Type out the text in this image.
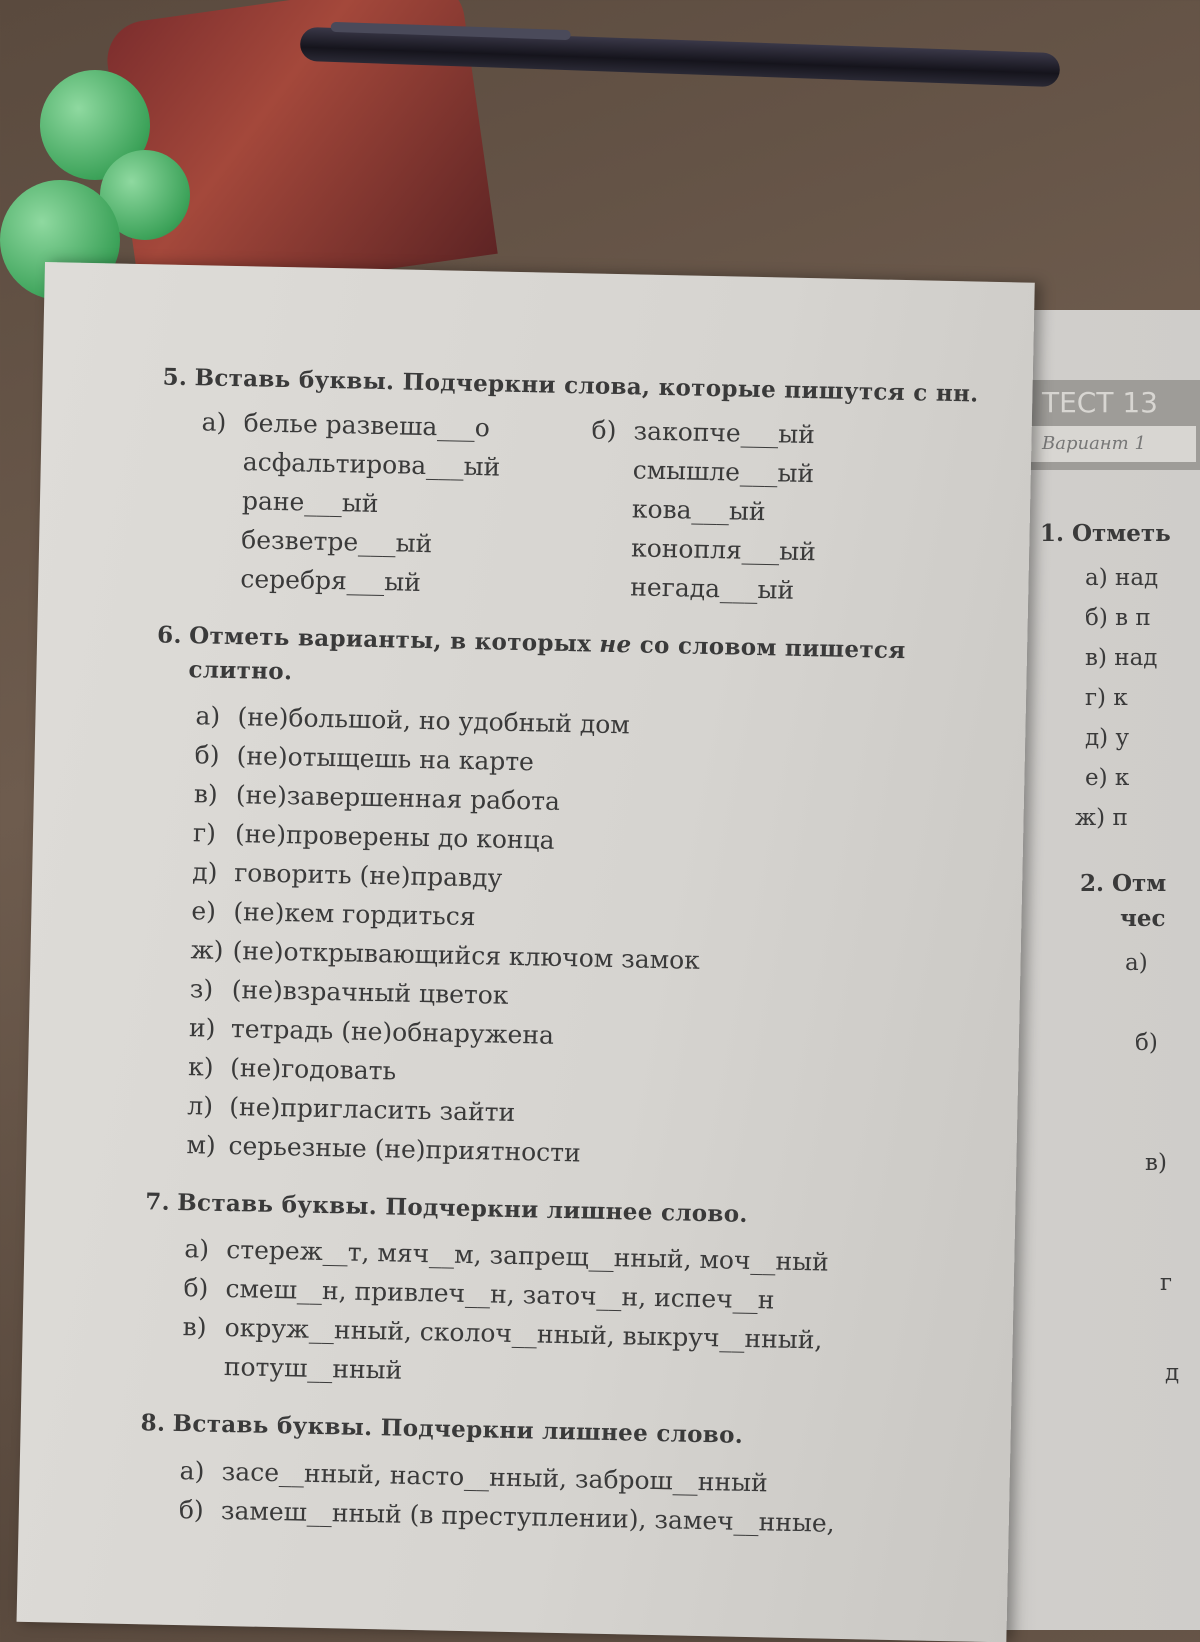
ТЕСТ 13
Вариант 1
1. Отметь
а) над
б) в п
в) над
г) к
д) у
е) к
ж) п
2. Отм
чес
а)
б)
в)
г
д

5. Вставь буквы. Подчеркни слова, которые пишутся с нн.

а) белье развеша___о
асфальтирова___ый
ране___ый
безветре___ый
серебря___ый
б) закопче___ый
смышле___ый
кова___ый
конопля___ый
негада___ый

6. Отметь варианты, в которых не со словом пишется
слитно.

а) (не)большой, но удобный дом
б) (не)отыщешь на карте
в) (не)завершенная работа
г) (не)проверены до конца
д) говорить (не)правду
е) (не)кем гордиться
ж) (не)открывающийся ключом замок
з) (не)взрачный цветок
и) тетрадь (не)обнаружена
к) (не)годовать
л) (не)пригласить зайти
м) серьезные (не)приятности

7. Вставь буквы. Подчеркни лишнее слово.

а) стереж__т, мяч__м, запрещ__нный, моч__ный
б) смеш__н, привлеч__н, заточ__н, испеч__н
в) окруж__нный, сколоч__нный, выкруч__нный,
потуш__нный

8. Вставь буквы. Подчеркни лишнее слово.

а) засе__нный, насто__нный, заброш__нный
б) замеш__нный (в преступлении), замеч__нные,
